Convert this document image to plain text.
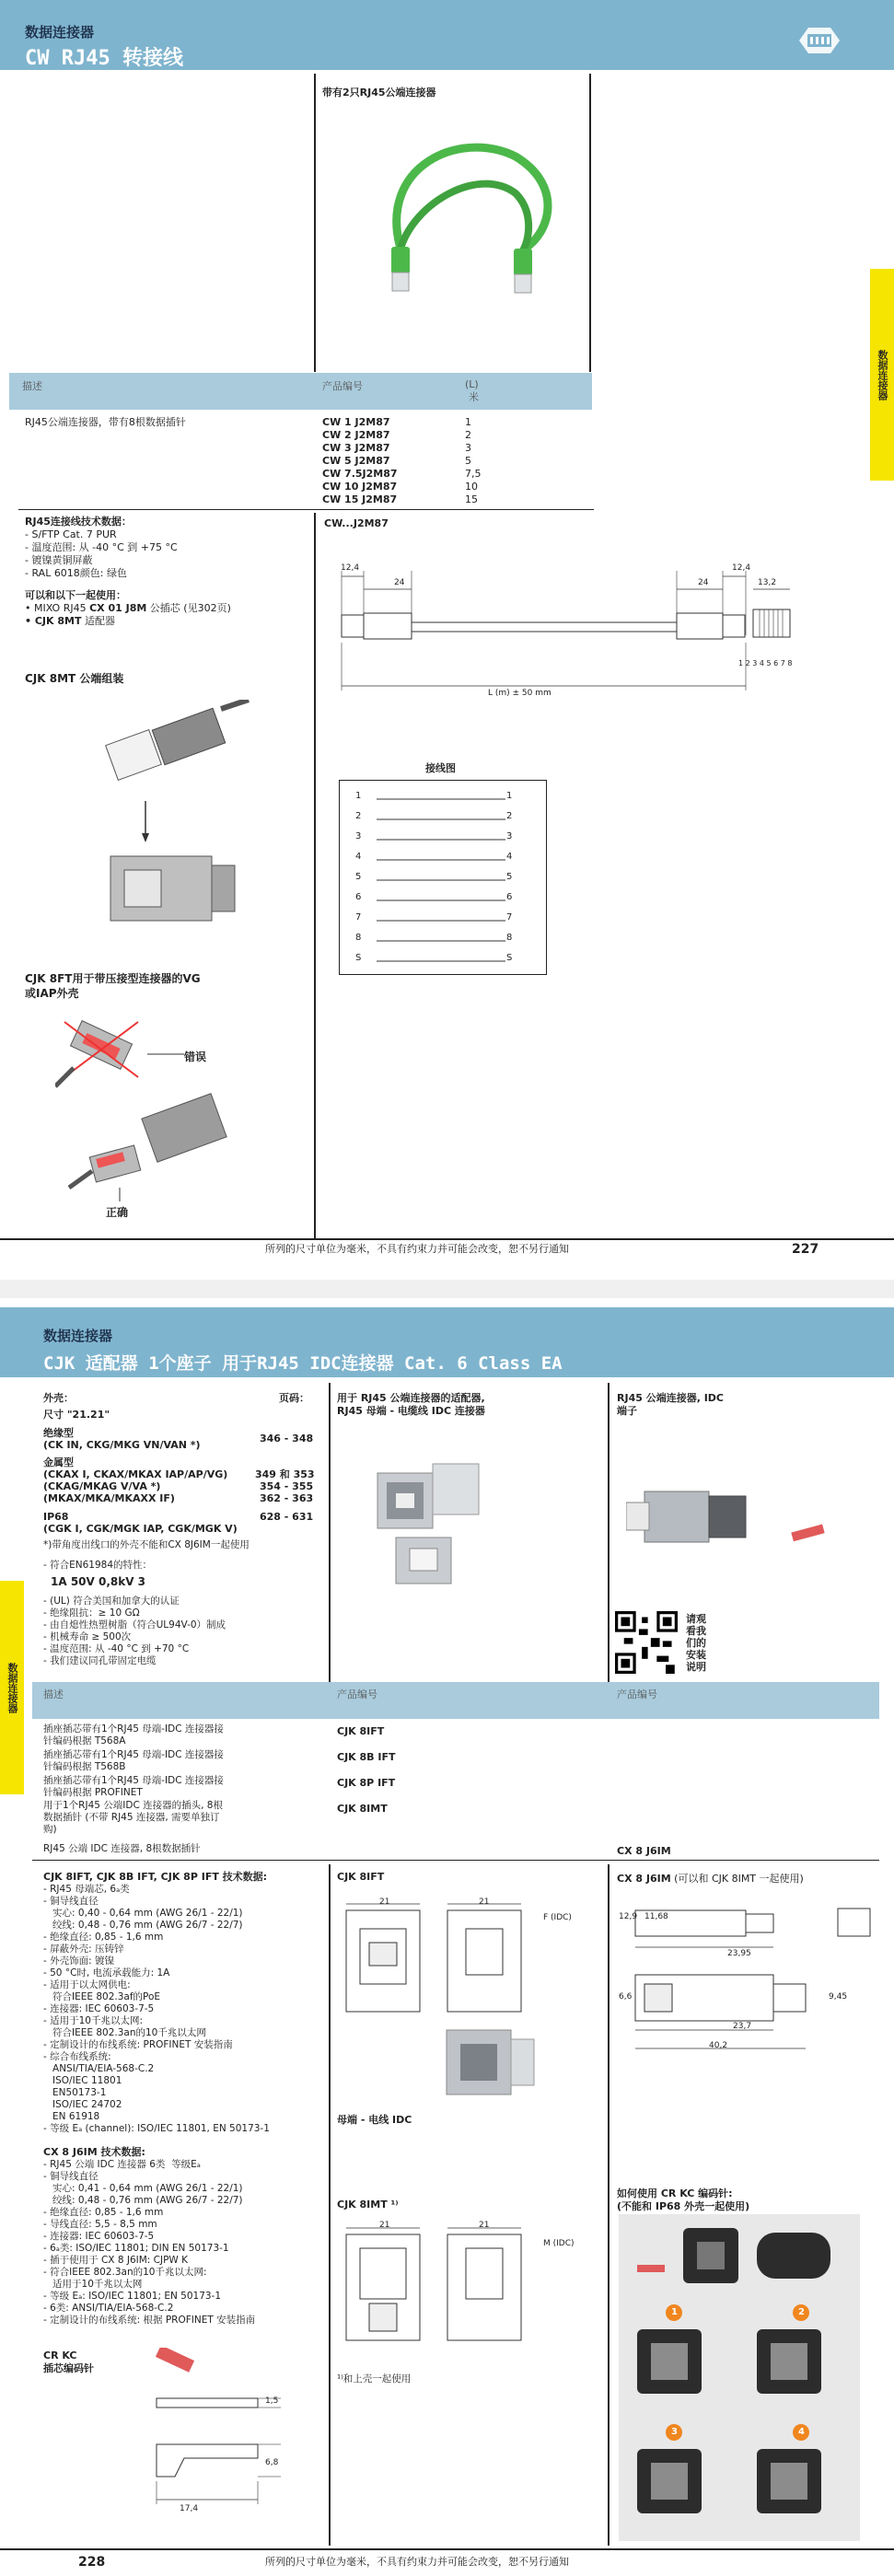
数据连接器
CW RJ45 转接线
带有2只RJ45公端连接器
数据连接器
描述	产品编号	(L)
米
RJ45公端连接器，带有8根数据插针	CW 1 J2M87	1
CW 2 J2M87	2
CW 3 J2M87	3
CW 5 J2M87	5
CW 7.5J2M87	7,5
CW 10 J2M87	10
CW 15 J2M87	15
RJ45连接线技术数据：
- S/FTP Cat. 7 PUR
- 温度范围: 从 -40 °C 到 +75 °C
- 镀镍黄铜屏蔽
- RAL 6018颜色: 绿色
可以和以下一起使用：
• MIXO RJ45 CX 01 J8M 公插芯 (见302页)
• CJK 8MT 适配器
CJK 8MT 公端组装
CJK 8FT用于带压接型连接器的VG或IAP外壳
错误
正确
CW...J2M87
12,4
24	24
12,4
13,2
L (m) ± 50 mm
1 2 3 4 5 6 7 8
接线图
1
2
3
4
5
6
7
8
S
1
2
3
4
5
6
7
8
S
所列的尺寸单位为毫米，不具有约束力并可能会改变，恕不另行通知	227
数据连接器
CJK 适配器 1个座子 用于RJ45 IDC连接器 Cat. 6 Class EA
数据连接器
外壳：	页码：
尺寸 "21.21"
绝缘型
(CK IN, CKG/MKG VN/VAN *)
346 - 348
金属型
(CKAX I, CKAX/MKAX IAP/AP/VG)	349 和 353
(CKAG/MKAG V/VA *)	354 - 355
(MKAX/MKA/MKAXX IF)	362 - 363
IP68
(CGK I, CGK/MGK IAP, CGK/MGK V)
628 - 631
*)带角度出线口的外壳不能和CX 8J6IM一起使用
- 符合EN61984的特性：
1A 50V 0,8kV 3
- (UL) 符合美国和加拿大的认证
- 绝缘阻抗：≥ 10 GΩ
- 由自熄性热塑树脂（符合UL94V-0）制成
- 机械寿命 ≥ 500次
- 温度范围: 从 -40 °C 到 +70 °C
- 我们建议同孔带固定电缆
用于 RJ45 公端连接器的适配器,
RJ45 母端 - 电缆线 IDC 连接器
RJ45 公端连接器, IDC
端子
请观看我们的安装说明
描述	产品编号	产品编号
插座插芯带有1个RJ45 母端-IDC 连接器接针编码根据 T568A
CJK 8IFT
插座插芯带有1个RJ45 母端-IDC 连接器接针编码根据 T568B
CJK 8B IFT
插座插芯带有1个RJ45 母端-IDC 连接器接针编码根据 PROFINET
CJK 8P IFT
用于1个RJ45 公端IDC 连接器的插头, 8根数据插针 (不带 RJ45 连接器, 需要单独订购)
CJK 8IMT
RJ45 公端 IDC 连接器, 8根数据插针	CX 8 J6IM
CJK 8IFT, CJK 8B IFT, CJK 8P IFT 技术数据:
- RJ45 母端芯, 6ₐ类
- 铜导线直径
实心: 0,40 - 0,64 mm (AWG 26/1 - 22/1)
绞线: 0,48 - 0,76 mm (AWG 26/7 - 22/7)
- 绝缘直径: 0,85 - 1,6 mm
- 屏蔽外壳: 压铸锌
- 外壳饰面: 镀镍
- 50 °C时, 电流承载能力: 1A
- 适用于以太网供电:
符合IEEE 802.3af的PoE
- 连接器: IEC 60603-7-5
- 适用于10千兆以太网:
符合IEEE 802.3an的10千兆以太网
- 定制设计的布线系统: PROFINET 安装指南
- 综合布线系统:
ANSI/TIA/EIA-568-C.2
ISO/IEC 11801
EN50173-1
ISO/IEC 24702
EN 61918
- 等级 Eₐ (channel): ISO/IEC 11801, EN 50173-1
CX 8 J6IM 技术数据:
- RJ45 公端 IDC 连接器 6类  等级Eₐ
- 铜导线直径
实心: 0,41 - 0,64 mm (AWG 26/1 - 22/1)
绞线: 0,48 - 0,76 mm (AWG 26/7 - 22/7)
- 绝缘直径: 0,85 - 1,6 mm
- 导线直径: 5,5 - 8,5 mm
- 连接器: IEC 60603-7-5
- 6ₐ类: ISO/IEC 11801; DIN EN 50173-1
- 插于使用于 CX 8 J6IM: CJPW K
- 符合IEEE 802.3an的10千兆以太网:
适用于10千兆以太网
- 等级 Eₐ: ISO/IEC 11801; EN 50173-1
- 6类: ANSI/TIA/EIA-568-C.2
- 定制设计的布线系统: 根据 PROFINET 安装指南
CR KC
插芯编码针
1,5
6,8
17,4
CJK 8IFT
21	21
F (IDC)
母端 - 电线 IDC
CJK 8IMT ¹⁾
21	21
M (IDC)
¹⁾和上壳一起使用
CX 8 J6IM (可以和 CJK 8IMT 一起使用)
12,9 11,68
23,95
6,6	9,45
23,7
40,2
如何使用 CR KC 编码针:
(不能和 IP68 外壳一起使用)
1	2
3	4
228	所列的尺寸单位为毫米，不具有约束力并可能会改变，恕不另行通知
